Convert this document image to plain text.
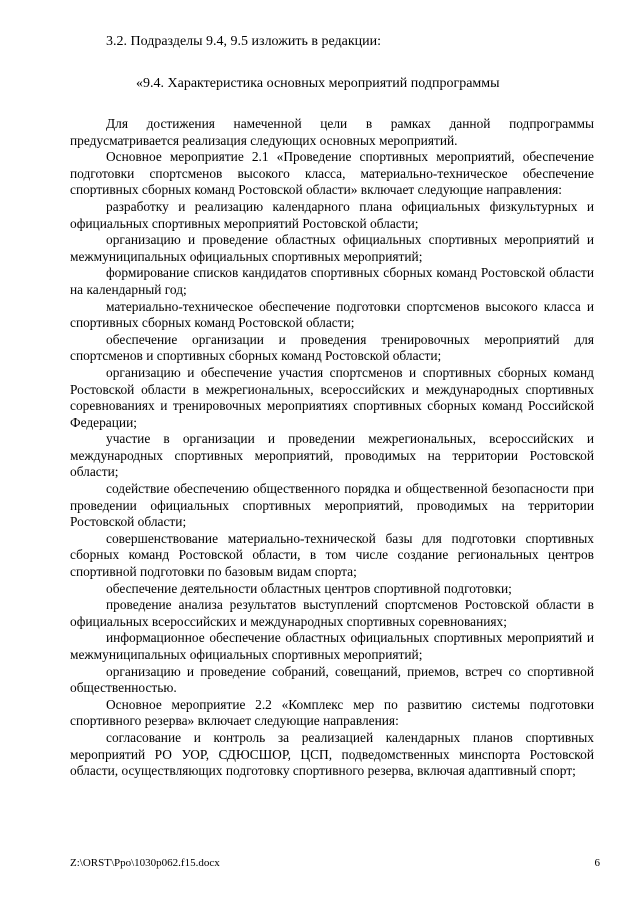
3.2. Подразделы 9.4, 9.5 изложить в редакции:

«9.4. Характеристика основных мероприятий подпрограммы

Для достижения намеченной цели в рамках данной подпрограммы предусматривается реализация следующих основных мероприятий.

Основное мероприятие 2.1 «Проведение спортивных мероприятий, обеспечение подготовки спортсменов высокого класса, материально-техническое обеспечение спортивных сборных команд Ростовской области» включает следующие направления:

разработку и реализацию календарного плана официальных физкультурных и официальных спортивных мероприятий Ростовской области;

организацию и проведение областных официальных спортивных мероприятий и межмуниципальных официальных спортивных мероприятий;

формирование списков кандидатов спортивных сборных команд Ростовской области на календарный год;

материально-техническое обеспечение подготовки спортсменов высокого класса и спортивных сборных команд Ростовской области;

обеспечение организации и проведения тренировочных мероприятий для спортсменов и спортивных сборных команд Ростовской области;

организацию и обеспечение участия спортсменов и спортивных сборных команд Ростовской области в межрегиональных, всероссийских и международных спортивных соревнованиях и тренировочных мероприятиях спортивных сборных команд Российской Федерации;

участие в организации и проведении межрегиональных, всероссийских и международных спортивных мероприятий, проводимых на территории Ростовской области;

содействие обеспечению общественного порядка и общественной безопасности при проведении официальных спортивных мероприятий, проводимых на территории Ростовской области;

совершенствование материально-технической базы для подготовки спортивных сборных команд Ростовской области, в том числе создание региональных центров спортивной подготовки по базовым видам спорта;

обеспечение деятельности областных центров спортивной подготовки;

проведение анализа результатов выступлений спортсменов Ростовской области в официальных всероссийских и международных спортивных соревнованиях;

информационное обеспечение областных официальных спортивных мероприятий и межмуниципальных официальных спортивных мероприятий;

организацию и проведение собраний, совещаний, приемов, встреч со спортивной общественностью.

Основное мероприятие 2.2 «Комплекс мер по развитию системы подготовки спортивного резерва» включает следующие направления:

согласование и контроль за реализацией календарных планов спортивных мероприятий РО УОР, СДЮСШОР, ЦСП, подведомственных минспорта Ростовской области, осуществляющих подготовку спортивного резерва, включая адаптивный спорт;

Z:\ORST\Ppo\1030p062.f15.docx	6
